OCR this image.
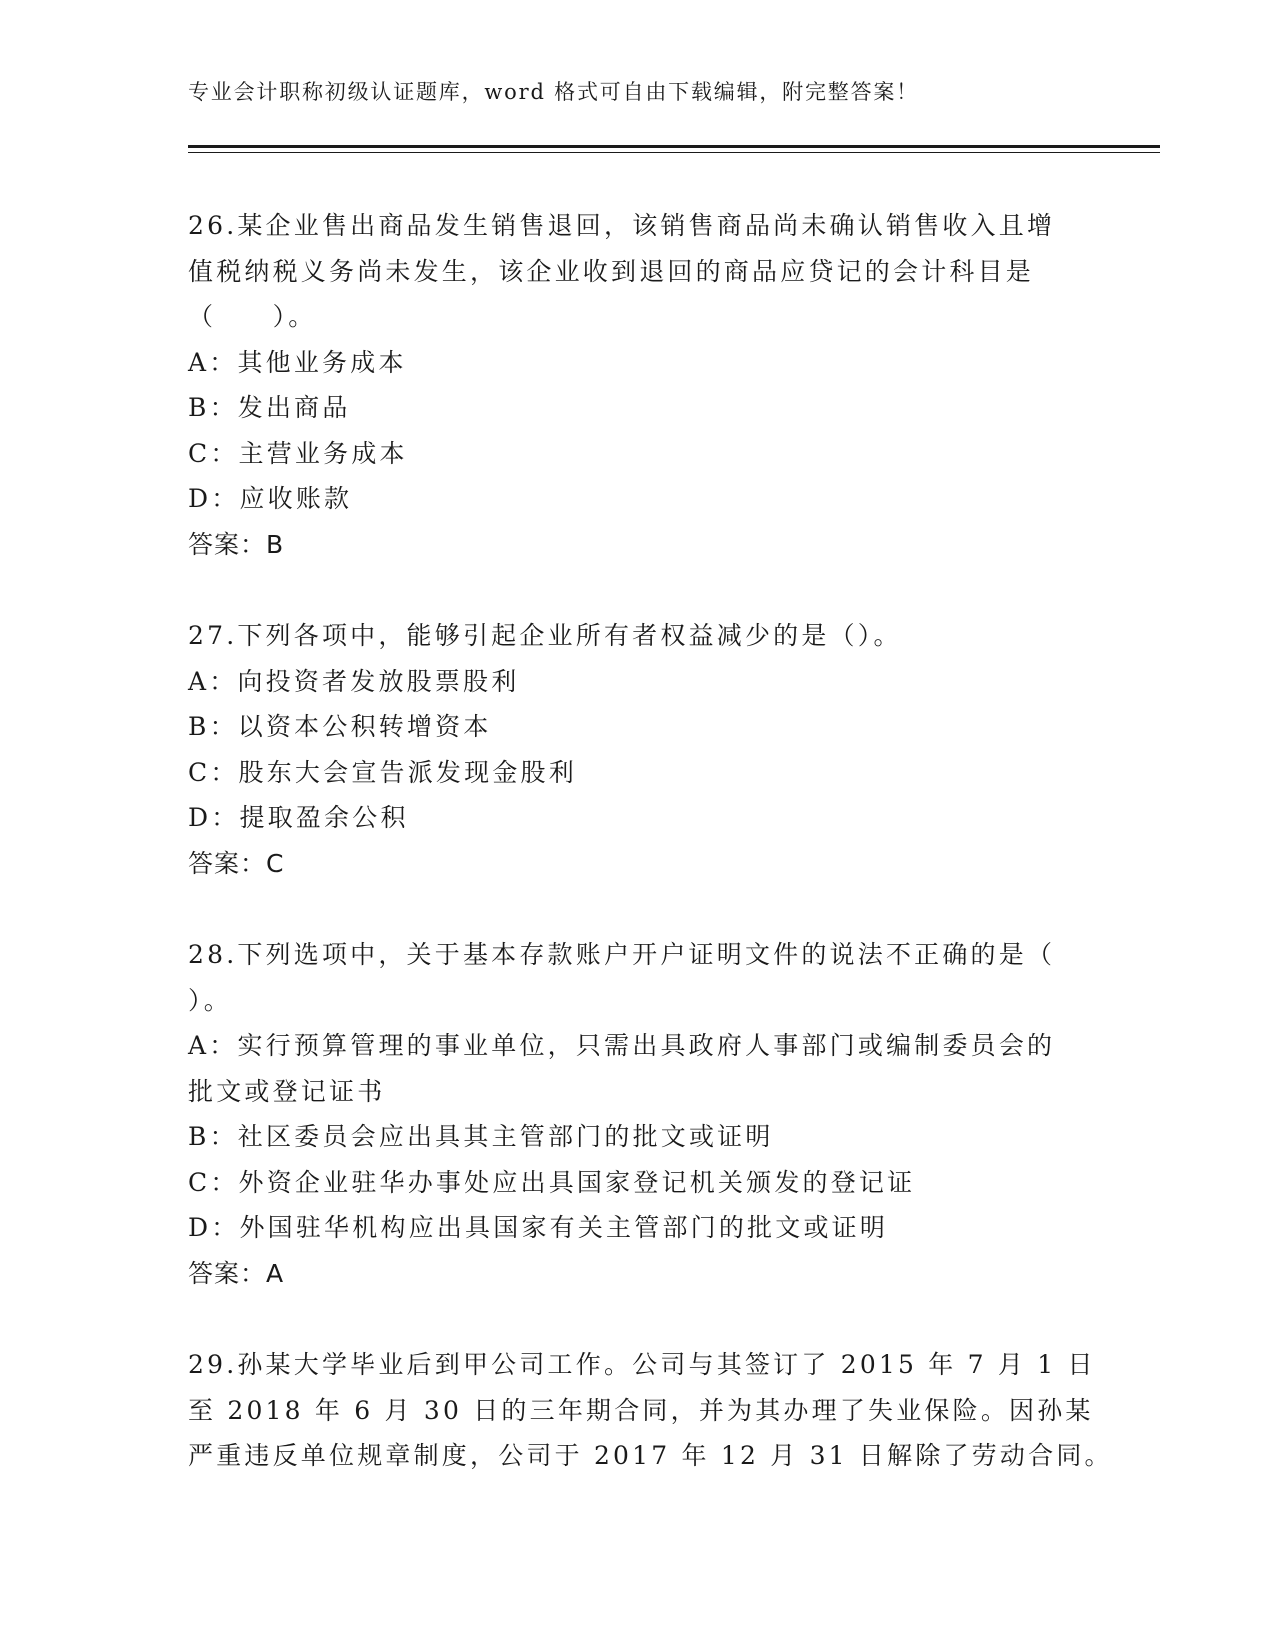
专业会计职称初级认证题库，word 格式可自由下载编辑，附完整答案！
26.某企业售出商品发生销售退回，该销售商品尚未确认销售收入且增
值税纳税义务尚未发生，该企业收到退回的商品应贷记的会计科目是
（　　）。
A：其他业务成本
B：发出商品
C：主营业务成本
D：应收账款
答案：B
27.下列各项中，能够引起企业所有者权益减少的是（）。
A：向投资者发放股票股利
B：以资本公积转增资本
C：股东大会宣告派发现金股利
D：提取盈余公积
答案：C
28.下列选项中，关于基本存款账户开户证明文件的说法不正确的是（
）。
A：实行预算管理的事业单位，只需出具政府人事部门或编制委员会的
批文或登记证书
B：社区委员会应出具其主管部门的批文或证明
C：外资企业驻华办事处应出具国家登记机关颁发的登记证
D：外国驻华机构应出具国家有关主管部门的批文或证明
答案：A
29.孙某大学毕业后到甲公司工作。公司与其签订了 2015 年 7 月 1 日
至 2018 年 6 月 30 日的三年期合同，并为其办理了失业保险。因孙某
严重违反单位规章制度，公司于 2017 年 12 月 31 日解除了劳动合同。
